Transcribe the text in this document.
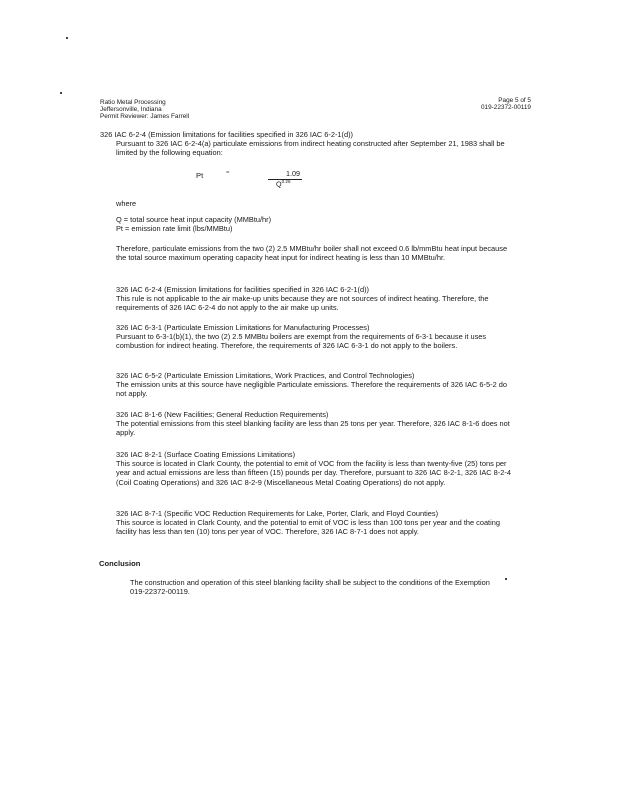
Ratio Metal Processing
Jeffersonville, Indiana
Permit Reviewer: James Farrell
Page 5 of 5
019-22372-00119

326 IAC 6-2-4 (Emission limitations for facilities specified in 326 IAC 6-2-1(d))

Pursuant to 326 IAC 6-2-4(a) particulate emissions from indirect heating constructed after September 21, 1983 shall be limited by the following equation:

Pt	=	1.09
$Q^{0.26}$

where

Q = total source heat input capacity (MMBtu/hr)

Pt = emission rate limit (lbs/MMBtu)

Therefore, particulate emissions from the two (2) 2.5 MMBtu/hr boiler shall not exceed 0.6 lb/mmBtu heat input because the total source maximum operating capacity heat input for indirect heating is less than 10 MMBtu/hr.

326 IAC 6-2-4 (Emission limitations for facilities specified in 326 IAC 6-2-1(d))

This rule is not applicable to the air make-up units because they are not sources of indirect heating. Therefore, the requirements of 326 IAC 6-2-4 do not apply to the air make up units.

326 IAC 6-3-1 (Particulate Emission Limitations for Manufacturing Processes)

Pursuant to 6-3-1(b)(1), the two (2) 2.5 MMBtu boilers are exempt from the requirements of 6-3-1 because it uses combustion for indirect heating. Therefore, the requirements of 326 IAC 6-3-1 do not apply to the boilers.

326 IAC 6-5-2 (Particulate Emission Limitations, Work Practices, and Control Technologies)

The emission units at this source have negligible Particulate emissions. Therefore the requirements of 326 IAC 6-5-2 do not apply.

326 IAC 8-1-6 (New Facilities; General Reduction Requirements)

The potential emissions from this steel blanking facility are less than 25 tons per year. Therefore, 326 IAC 8-1-6 does not apply.

326 IAC 8-2-1 (Surface Coating Emissions Limitations)

This source is located in Clark County, the potential to emit of VOC from the facility is less than twenty-five (25) tons per year and actual emissions are less than fifteen (15) pounds per day. Therefore, pursuant to 326 IAC 8-2-1, 326 IAC 8-2-4 (Coil Coating Operations) and 326 IAC 8-2-9 (Miscellaneous Metal Coating Operations) do not apply.

326 IAC 8-7-1 (Specific VOC Reduction Requirements for Lake, Porter, Clark, and Floyd Counties)

This source is located in Clark County, and the potential to emit of VOC is less than 100 tons per year and the coating facility has less than ten (10) tons per year of VOC. Therefore, 326 IAC 8-7-1 does not apply.

Conclusion

The construction and operation of this steel blanking facility shall be subject to the conditions of the Exemption 019-22372-00119.
